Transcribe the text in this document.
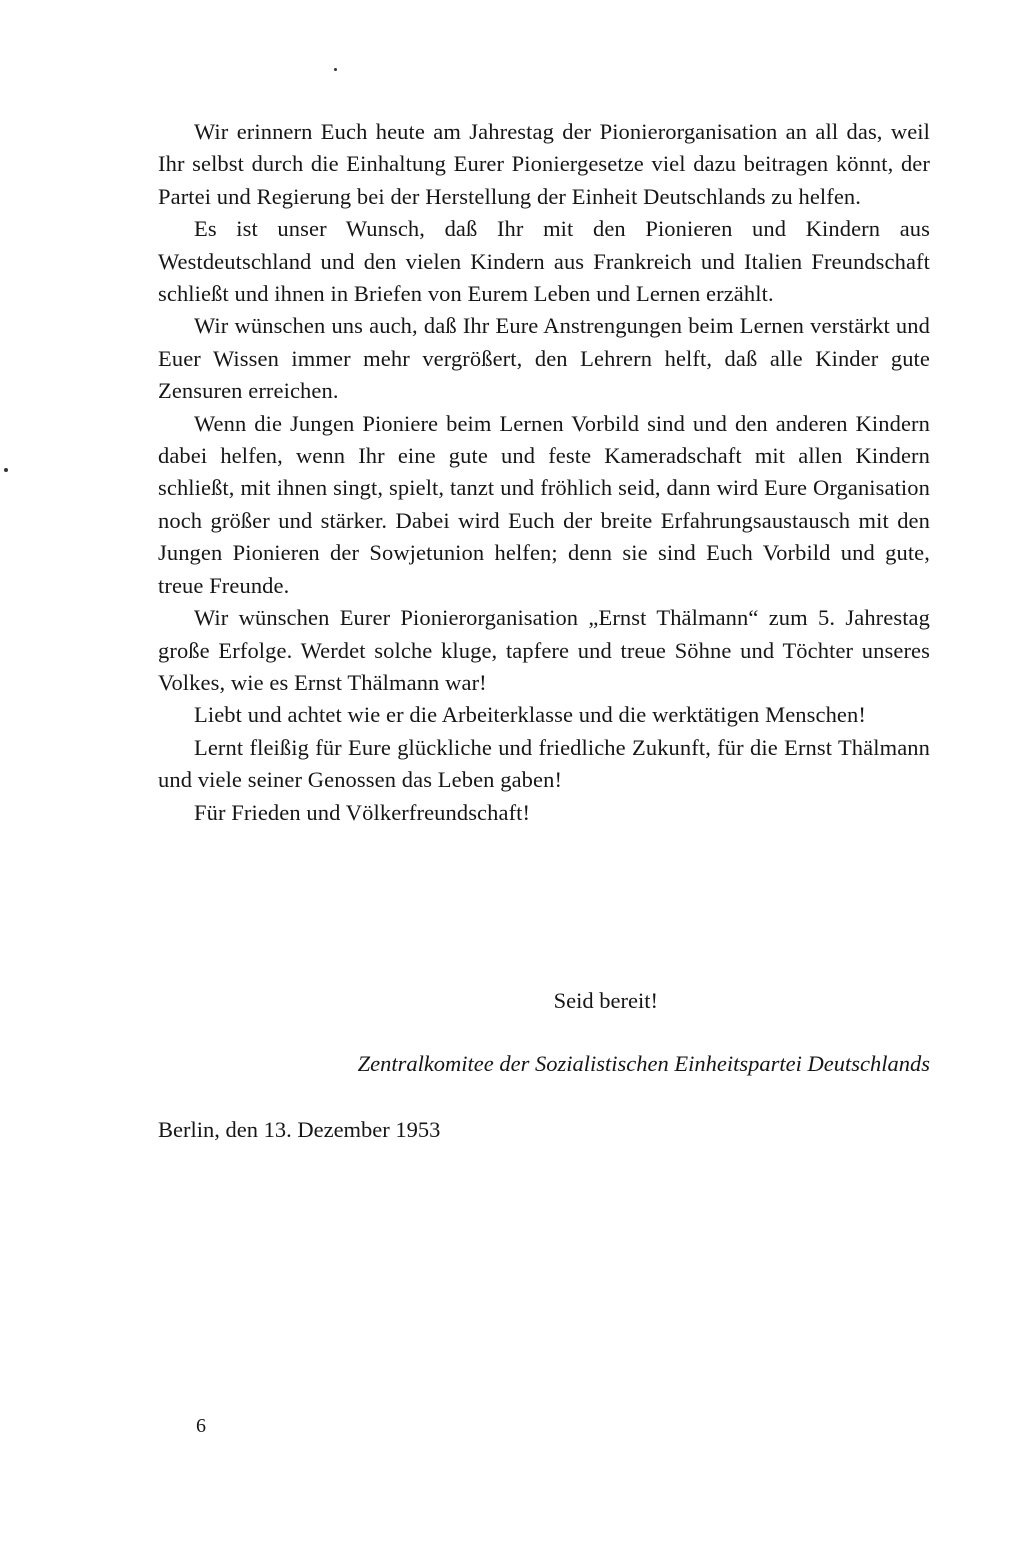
Wir erinnern Euch heute am Jahrestag der Pionierorganisation an all das, weil Ihr selbst durch die Einhaltung Eurer Pioniergesetze viel dazu beitragen könnt, der Partei und Regierung bei der Herstellung der Einheit Deutschlands zu helfen.

Es ist unser Wunsch, daß Ihr mit den Pionieren und Kindern aus Westdeutschland und den vielen Kindern aus Frankreich und Italien Freundschaft schließt und ihnen in Briefen von Eurem Leben und Lernen erzählt.

Wir wünschen uns auch, daß Ihr Eure Anstrengungen beim Lernen verstärkt und Euer Wissen immer mehr vergrößert, den Lehrern helft, daß alle Kinder gute Zensuren erreichen.

Wenn die Jungen Pioniere beim Lernen Vorbild sind und den anderen Kindern dabei helfen, wenn Ihr eine gute und feste Kameradschaft mit allen Kindern schließt, mit ihnen singt, spielt, tanzt und fröhlich seid, dann wird Eure Organisation noch größer und stärker. Dabei wird Euch der breite Erfahrungsaustausch mit den Jungen Pionieren der Sowjetunion helfen; denn sie sind Euch Vorbild und gute, treue Freunde.

Wir wünschen Eurer Pionierorganisation „Ernst Thälmann“ zum 5. Jahrestag große Erfolge. Werdet solche kluge, tapfere und treue Söhne und Töchter unseres Volkes, wie es Ernst Thälmann war!

Liebt und achtet wie er die Arbeiterklasse und die werktätigen Menschen!

Lernt fleißig für Eure glückliche und friedliche Zukunft, für die Ernst Thälmann und viele seiner Genossen das Leben gaben!

Für Frieden und Völkerfreundschaft!

Seid bereit!
Zentralkomitee der Sozialistischen Einheitspartei Deutschlands
Berlin, den 13. Dezember 1953
6
